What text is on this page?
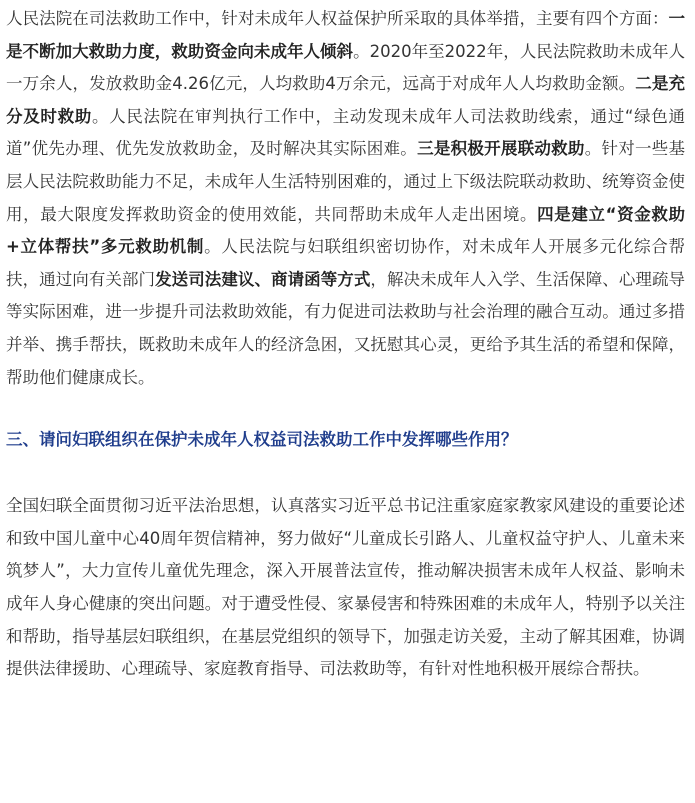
人民法院在司法救助工作中，针对未成年人权益保护所采取的具体举措，主要有四个方面：一是不断加大救助力度，救助资金向未成年人倾斜。2020年至2022年，人民法院救助未成年人一万余人，发放救助金4.26亿元，人均救助4万余元，远高于对成年人人均救助金额。二是充分及时救助。人民法院在审判执行工作中，主动发现未成年人司法救助线索，通过“绿色通道”优先办理、优先发放救助金，及时解决其实际困难。三是积极开展联动救助。针对一些基层人民法院救助能力不足，未成年人生活特别困难的，通过上下级法院联动救助、统筹资金使用，最大限度发挥救助资金的使用效能，共同帮助未成年人走出困境。四是建立“资金救助+立体帮扶”多元救助机制。人民法院与妇联组织密切协作，对未成年人开展多元化综合帮扶，通过向有关部门发送司法建议、商请函等方式，解决未成年人入学、生活保障、心理疏导等实际困难，进一步提升司法救助效能，有力促进司法救助与社会治理的融合互动。通过多措并举、携手帮扶，既救助未成年人的经济急困，又抚慰其心灵，更给予其生活的希望和保障，帮助他们健康成长。

三、请问妇联组织在保护未成年人权益司法救助工作中发挥哪些作用？

全国妇联全面贯彻习近平法治思想，认真落实习近平总书记注重家庭家教家风建设的重要论述和致中国儿童中心40周年贺信精神，努力做好“儿童成长引路人、儿童权益守护人、儿童未来筑梦人”，大力宣传儿童优先理念，深入开展普法宣传，推动解决损害未成年人权益、影响未成年人身心健康的突出问题。对于遭受性侵、家暴侵害和特殊困难的未成年人，特别予以关注和帮助，指导基层妇联组织，在基层党组织的领导下，加强走访关爱，主动了解其困难，协调提供法律援助、心理疏导、家庭教育指导、司法救助等，有针对性地积极开展综合帮扶。
